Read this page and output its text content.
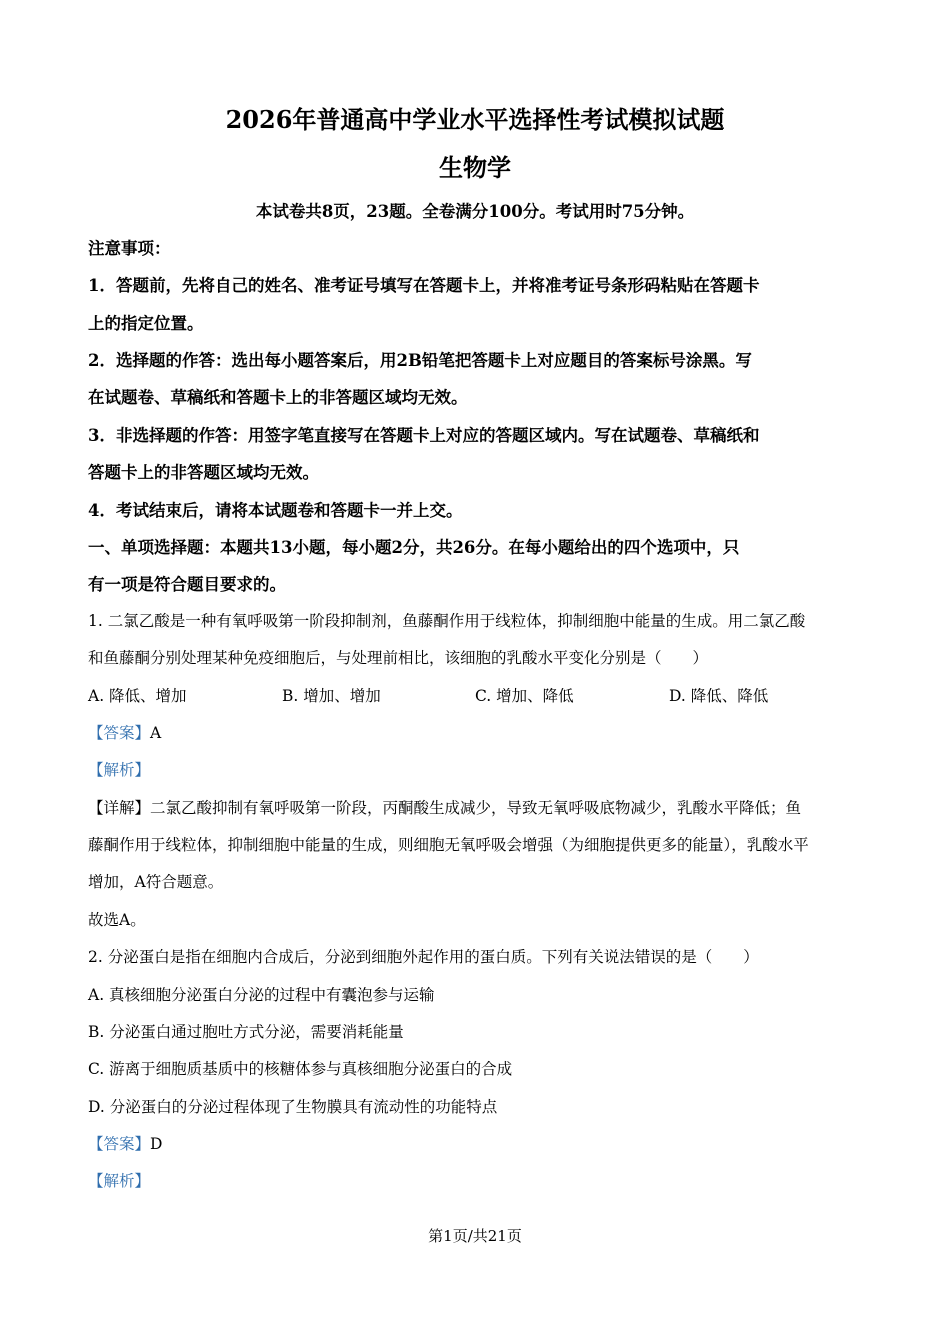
2026年普通高中学业水平选择性考试模拟试题
生物学
本试卷共8页，23题。全卷满分100分。考试用时75分钟。
注意事项：
1．答题前，先将自己的姓名、准考证号填写在答题卡上，并将准考证号条形码粘贴在答题卡
上的指定位置。
2．选择题的作答：选出每小题答案后，用2B铅笔把答题卡上对应题目的答案标号涂黑。写
在试题卷、草稿纸和答题卡上的非答题区域均无效。
3．非选择题的作答：用签字笔直接写在答题卡上对应的答题区域内。写在试题卷、草稿纸和
答题卡上的非答题区域均无效。
4．考试结束后，请将本试题卷和答题卡一并上交。
一、单项选择题：本题共13小题，每小题2分，共26分。在每小题给出的四个选项中，只
有一项是符合题目要求的。
1. 二氯乙酸是一种有氧呼吸第一阶段抑制剂，鱼藤酮作用于线粒体，抑制细胞中能量的生成。用二氯乙酸
和鱼藤酮分别处理某种免疫细胞后，与处理前相比，该细胞的乳酸水平变化分别是（　　）
A. 降低、增加	B. 增加、增加	C. 增加、降低	D. 降低、降低
【答案】A
【解析】
【详解】二氯乙酸抑制有氧呼吸第一阶段，丙酮酸生成减少，导致无氧呼吸底物减少，乳酸水平降低；鱼
藤酮作用于线粒体，抑制细胞中能量的生成，则细胞无氧呼吸会增强（为细胞提供更多的能量），乳酸水平
增加，A符合题意。
故选A。
2. 分泌蛋白是指在细胞内合成后，分泌到细胞外起作用的蛋白质。下列有关说法错误的是（　　）
A. 真核细胞分泌蛋白分泌的过程中有囊泡参与运输
B. 分泌蛋白通过胞吐方式分泌，需要消耗能量
C. 游离于细胞质基质中的核糖体参与真核细胞分泌蛋白的合成
D. 分泌蛋白的分泌过程体现了生物膜具有流动性的功能特点
【答案】D
【解析】
第1页/共21页
